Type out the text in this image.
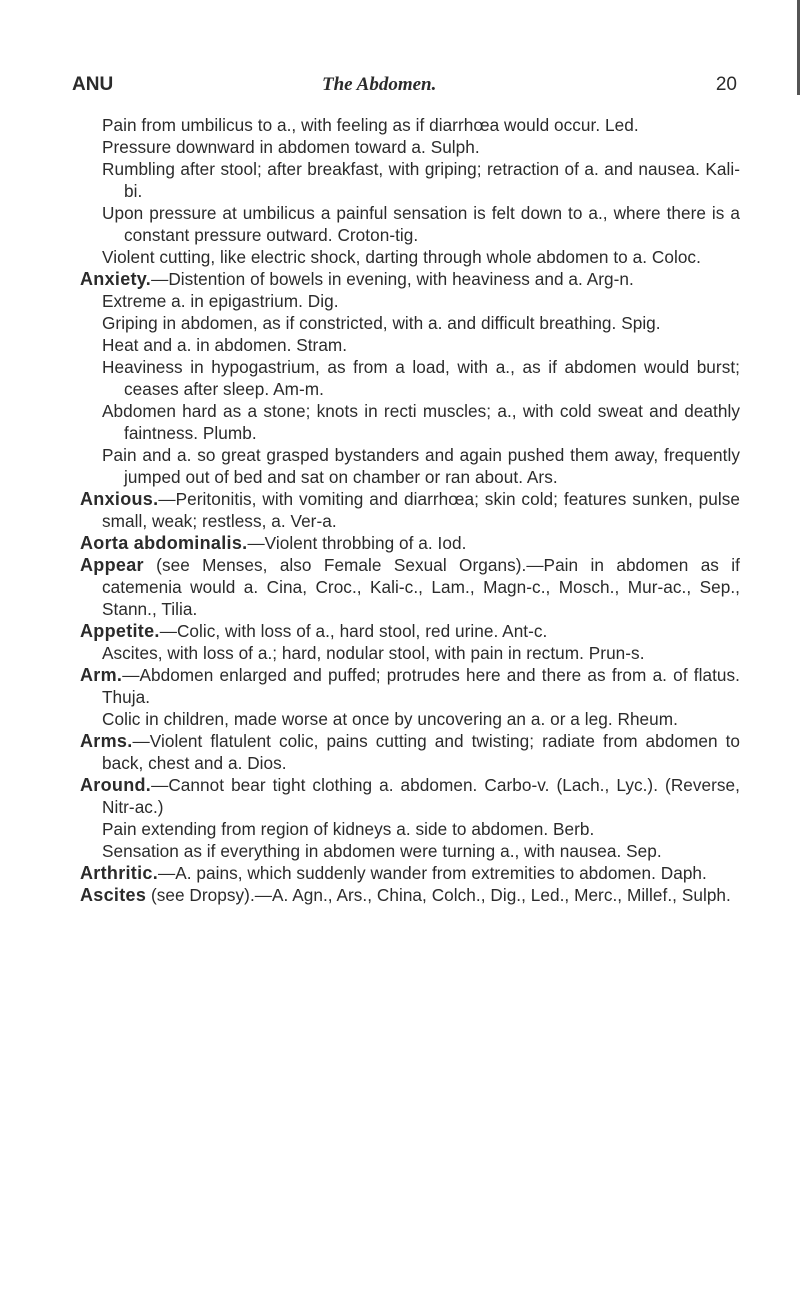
ANU	The Abdomen.	20

Pain from umbilicus to a., with feeling as if diarrhœa would occur. Led.

Pressure downward in abdomen toward a. Sulph.

Rumbling after stool; after breakfast, with griping; retraction of a. and nausea. Kali-bi.

Upon pressure at umbilicus a painful sensation is felt down to a., where there is a constant pressure outward. Croton-tig.

Violent cutting, like electric shock, darting through whole abdomen to a. Coloc.

Anxiety.—Distention of bowels in evening, with heaviness and a. Arg-n.

Extreme a. in epigastrium. Dig.

Griping in abdomen, as if constricted, with a. and difficult breathing. Spig.

Heat and a. in abdomen. Stram.

Heaviness in hypogastrium, as from a load, with a., as if abdomen would burst; ceases after sleep. Am-m.

Abdomen hard as a stone; knots in recti muscles; a., with cold sweat and deathly faintness. Plumb.

Pain and a. so great grasped bystanders and again pushed them away, frequently jumped out of bed and sat on chamber or ran about. Ars.

Anxious.—Peritonitis, with vomiting and diarrhœa; skin cold; features sunken, pulse small, weak; restless, a. Ver-a.

Aorta abdominalis.—Violent throbbing of a. Iod.

Appear (see Menses, also Female Sexual Organs).—Pain in abdomen as if catemenia would a. Cina, Croc., Kali-c., Lam., Magn-c., Mosch., Mur-ac., Sep., Stann., Tilia.

Appetite.—Colic, with loss of a., hard stool, red urine. Ant-c.

Ascites, with loss of a.; hard, nodular stool, with pain in rectum. Prun-s.

Arm.—Abdomen enlarged and puffed; protrudes here and there as from a. of flatus. Thuja.

Colic in children, made worse at once by uncovering an a. or a leg. Rheum.

Arms.—Violent flatulent colic, pains cutting and twisting; radiate from abdomen to back, chest and a. Dios.

Around.—Cannot bear tight clothing a. abdomen. Carbo-v. (Lach., Lyc.). (Reverse, Nitr-ac.)

Pain extending from region of kidneys a. side to abdomen. Berb.

Sensation as if everything in abdomen were turning a., with nausea. Sep.

Arthritic.—A. pains, which suddenly wander from extremities to abdomen. Daph.

Ascites (see Dropsy).—A. Agn., Ars., China, Colch., Dig., Led., Merc., Millef., Sulph.
